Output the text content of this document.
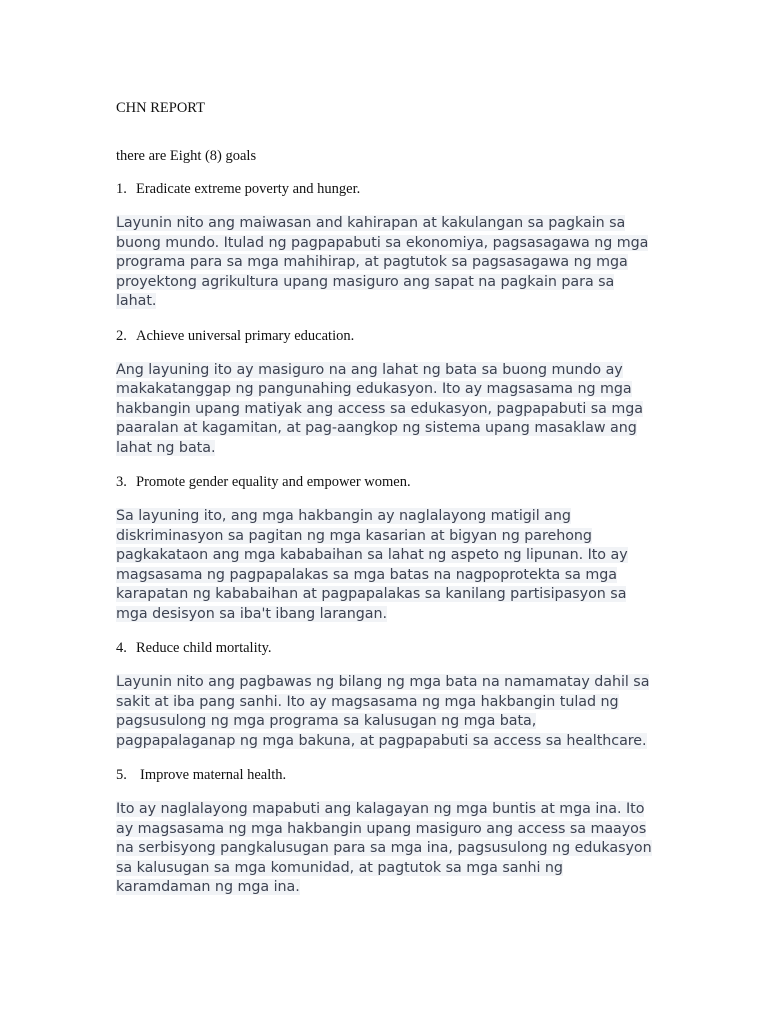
CHN REPORT

there are Eight (8) goals

1. Eradicate extreme poverty and hunger.

Layunin nito ang maiwasan and kahirapan at kakulangan sa pagkain sa buong mundo. Itulad ng pagpapabuti sa ekonomiya, pagsasagawa ng mga programa para sa mga mahihirap, at pagtutok sa pagsasagawa ng mga proyektong agrikultura upang masiguro ang sapat na pagkain para sa lahat.

2. Achieve universal primary education.

Ang layuning ito ay masiguro na ang lahat ng bata sa buong mundo ay makakatanggap ng pangunahing edukasyon. Ito ay magsasama ng mga hakbangin upang matiyak ang access sa edukasyon, pagpapabuti sa mga paaralan at kagamitan, at pag-aangkop ng sistema upang masaklaw ang lahat ng bata.

3. Promote gender equality and empower women.

Sa layuning ito, ang mga hakbangin ay naglalayong matigil ang diskriminasyon sa pagitan ng mga kasarian at bigyan ng parehong pagkakataon ang mga kababaihan sa lahat ng aspeto ng lipunan. Ito ay magsasama ng pagpapalakas sa mga batas na nagpoprotekta sa mga karapatan ng kababaihan at pagpapalakas sa kanilang partisipasyon sa mga desisyon sa iba't ibang larangan.

4. Reduce child mortality.

Layunin nito ang pagbawas ng bilang ng mga bata na namamatay dahil sa sakit at iba pang sanhi. Ito ay magsasama ng mga hakbangin tulad ng pagsusulong ng mga programa sa kalusugan ng mga bata, pagpapalaganap ng mga bakuna, at pagpapabuti sa access sa healthcare.

5. Improve maternal health.

Ito ay naglalayong mapabuti ang kalagayan ng mga buntis at mga ina. Ito ay magsasama ng mga hakbangin upang masiguro ang access sa maayos na serbisyong pangkalusugan para sa mga ina, pagsusulong ng edukasyon sa kalusugan sa mga komunidad, at pagtutok sa mga sanhi ng karamdaman ng mga ina.
